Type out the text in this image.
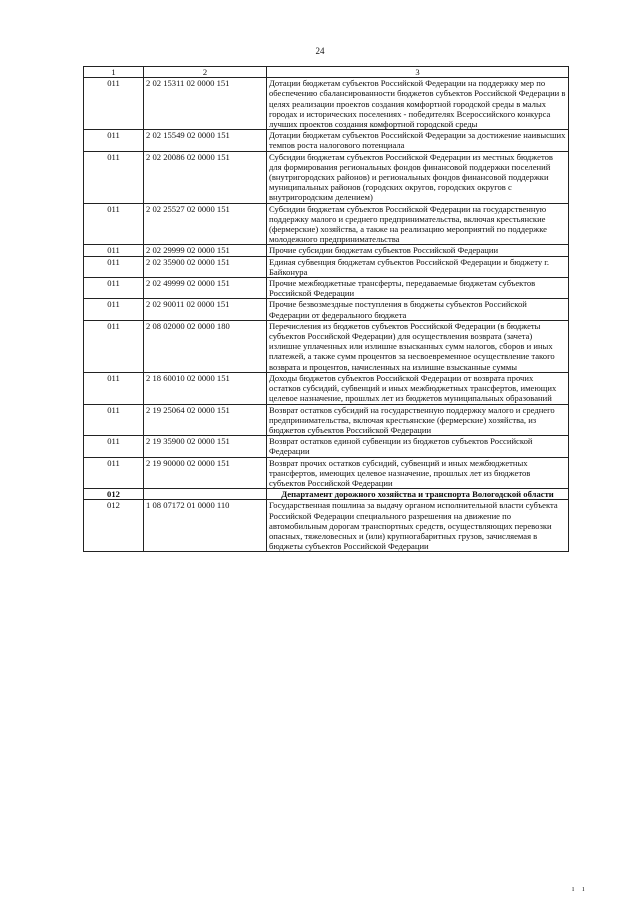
24
1	2	3
011	2 02 15311 02 0000 151	Дотации бюджетам субъектов Российской Федерации на поддержку мер по обеспечению сбалансированности бюджетов субъектов Российской Федерации в целях реализации проектов создания комфортной городской среды в малых городах и исторических поселениях - победителях Всероссийского конкурса лучших проектов создания комфортной городской среды
011	2 02 15549 02 0000 151	Дотации бюджетам субъектов Российской Федерации за достижение наивысших темпов роста налогового потенциала
011	2 02 20086 02 0000 151	Субсидии бюджетам субъектов Российской Федерации из местных бюджетов для формирования региональных фондов финансовой поддержки поселений (внутригородских районов) и региональных фондов финансовой поддержки муниципальных районов (городских округов, городских округов с внутригородским делением)
011	2 02 25527 02 0000 151	Субсидии бюджетам субъектов Российской Федерации на государственную поддержку малого и среднего предпринимательства, включая крестьянские (фермерские) хозяйства, а также на реализацию мероприятий по поддержке молодежного предпринимательства
011	2 02 29999 02 0000 151	Прочие субсидии бюджетам субъектов Российской Федерации
011	2 02 35900 02 0000 151	Единая субвенция бюджетам субъектов Российской Федерации и бюджету г. Байконура
011	2 02 49999 02 0000 151	Прочие межбюджетные трансферты, передаваемые бюджетам субъектов Российской Федерации
011	2 02 90011 02 0000 151	Прочие безвозмездные поступления в бюджеты субъектов Российской Федерации от федерального бюджета
011	2 08 02000 02 0000 180	Перечисления из бюджетов субъектов Российской Федерации (в бюджеты субъектов Российской Федерации) для осуществления возврата (зачета) излишне уплаченных или излишне взысканных сумм налогов, сборов и иных платежей, а также сумм процентов за несвоевременное осуществление такого возврата и процентов, начисленных на излишне взысканные суммы
011	2 18 60010 02 0000 151	Доходы бюджетов субъектов Российской Федерации от возврата прочих остатков субсидий, субвенций и иных межбюджетных трансфертов, имеющих целевое назначение, прошлых лет из бюджетов муниципальных образований
011	2 19 25064 02 0000 151	Возврат остатков субсидий на государственную поддержку малого и среднего предпринимательства, включая крестьянские (фермерские) хозяйства, из бюджетов субъектов Российской Федерации
011	2 19 35900 02 0000 151	Возврат остатков единой субвенции из бюджетов субъектов Российской Федерации
011	2 19 90000 02 0000 151	Возврат прочих остатков субсидий, субвенций и иных межбюджетных трансфертов, имеющих целевое назначение, прошлых лет из бюджетов субъектов Российской Федерации
012		Департамент дорожного хозяйства и транспорта Вологодской области
012	1 08 07172 01 0000 110	Государственная пошлина за выдачу органом исполнительной власти субъекта Российской Федерации специального разрешения на движение по автомобильным дорогам транспортных средств, осуществляющих перевозки опасных, тяжеловесных и (или) крупногабаритных грузов, зачисляемая в бюджеты субъектов Российской Федерации
ı ı
